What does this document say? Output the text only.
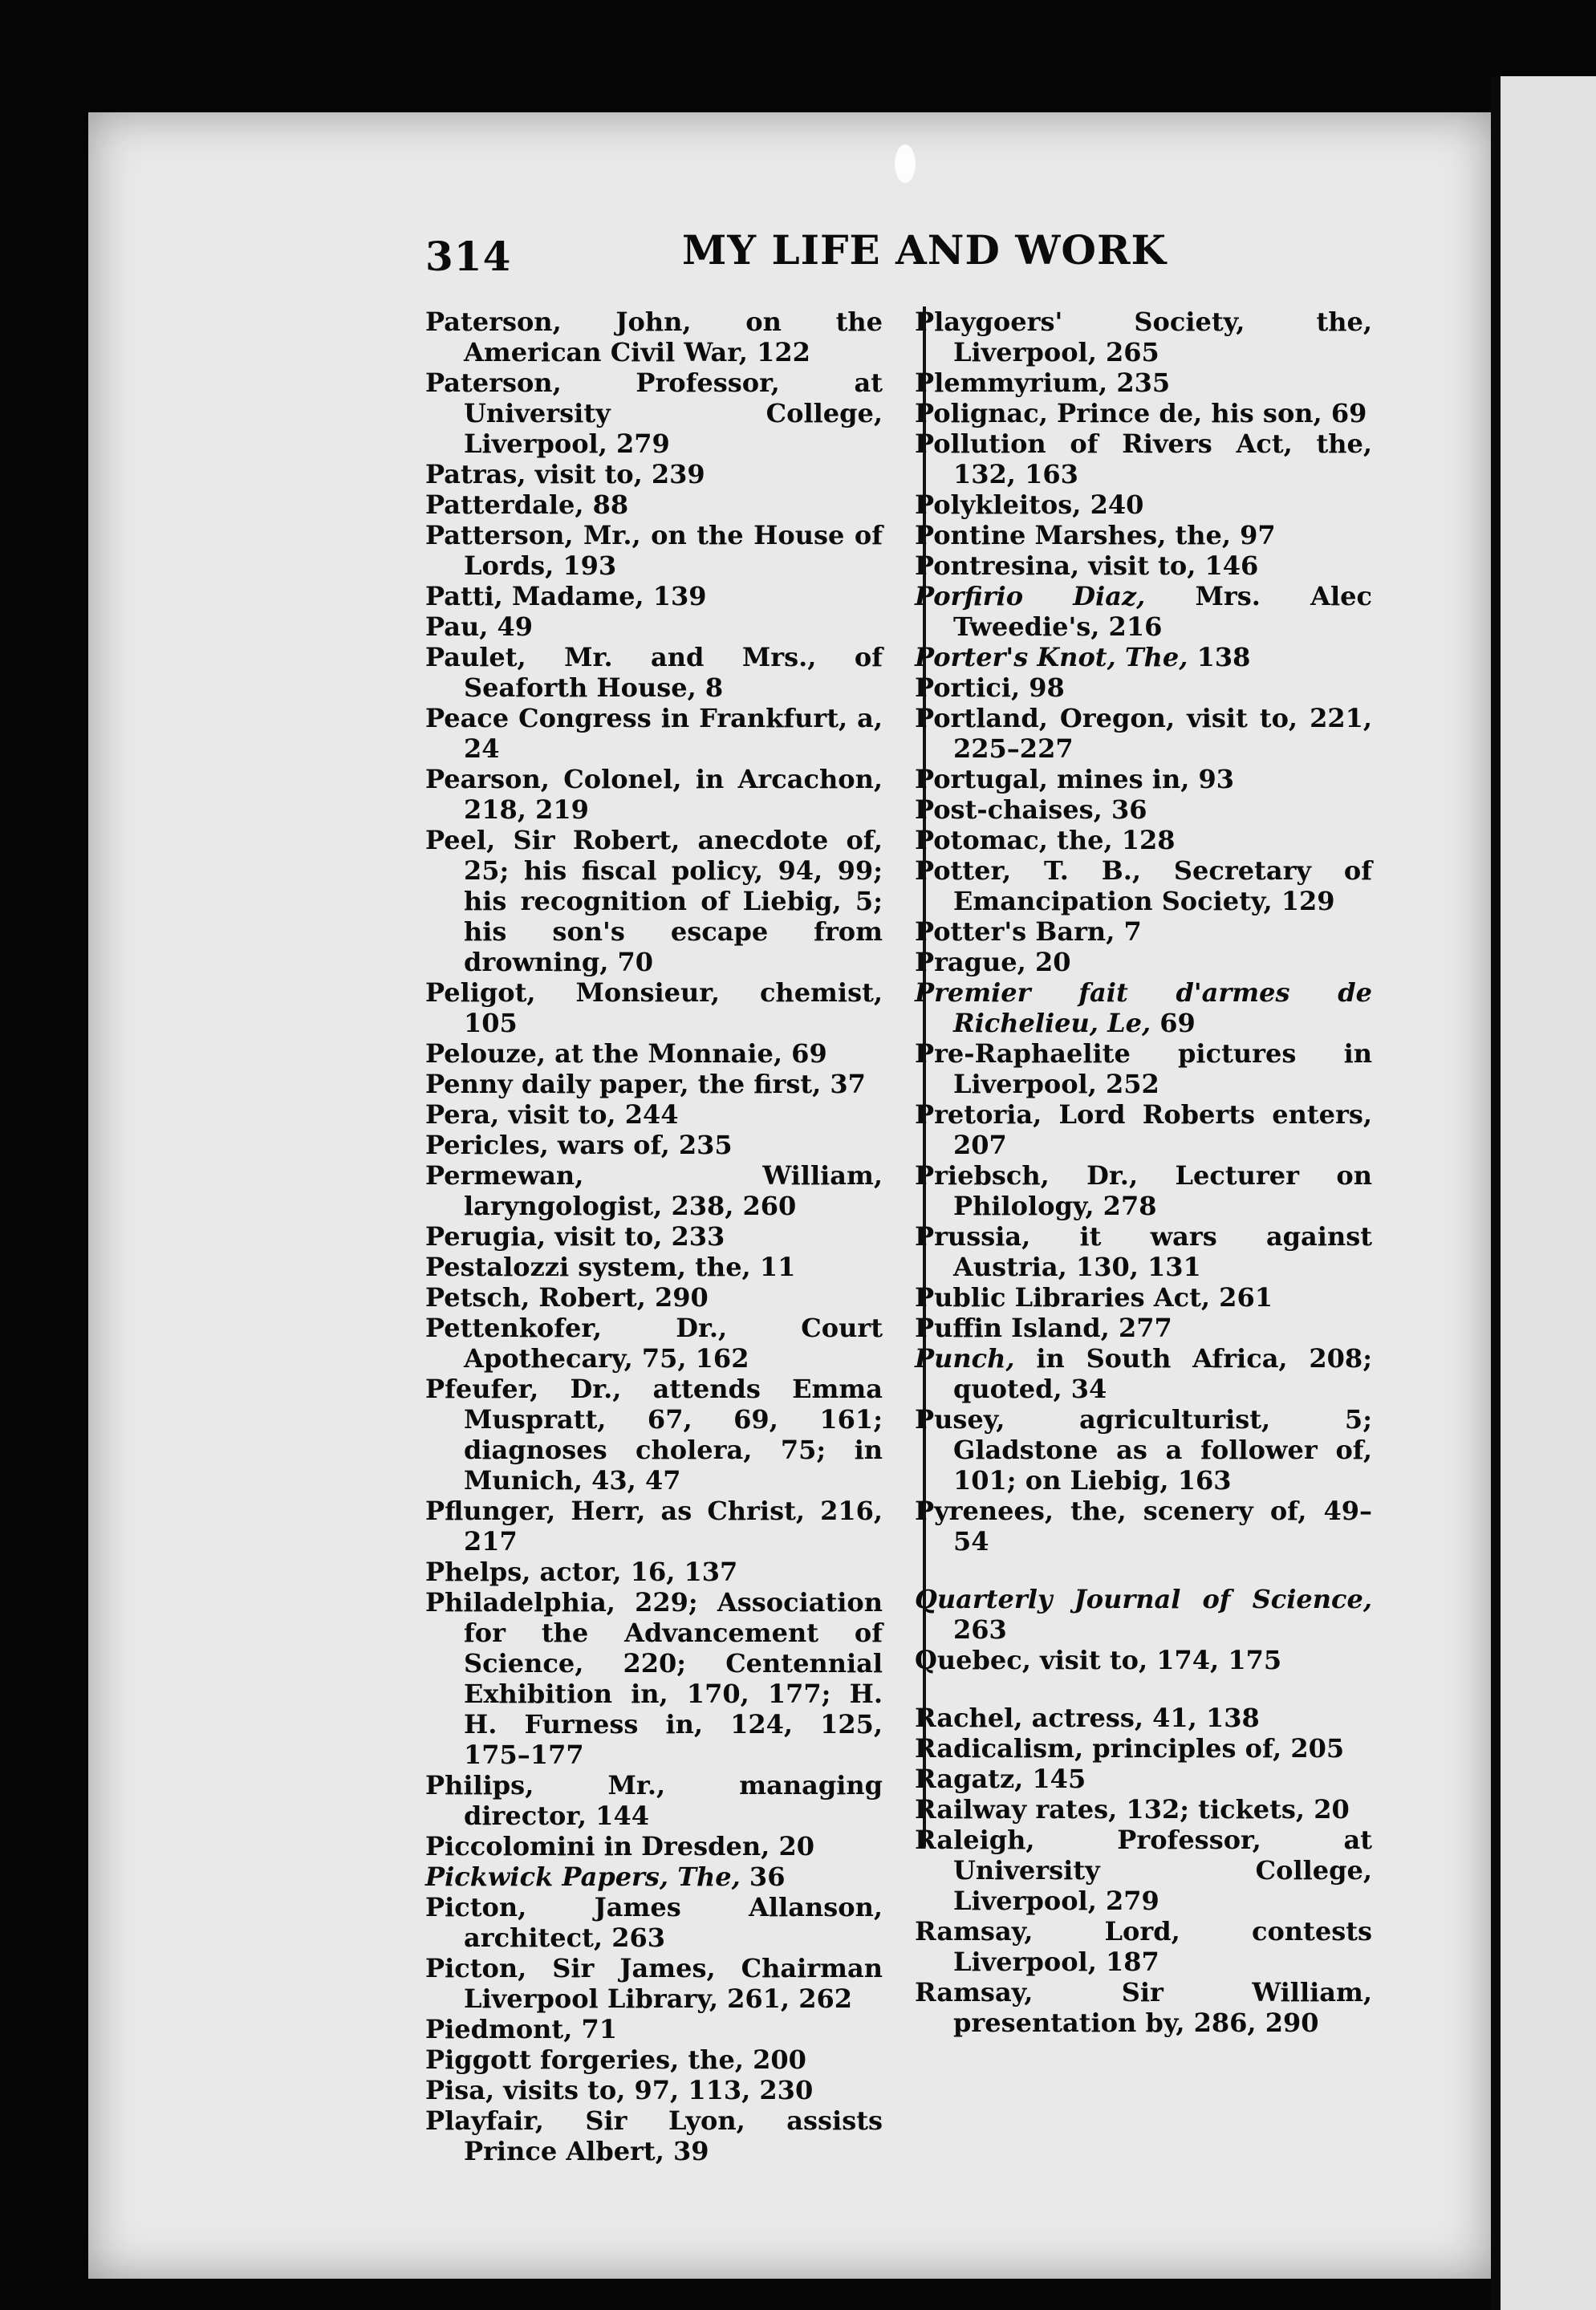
314	MY LIFE AND WORK

Paterson, John, on the American Civil War, 122

Paterson, Professor, at University College, Liverpool, 279

Patras, visit to, 239

Patterdale, 88

Patterson, Mr., on the House of Lords, 193

Patti, Madame, 139

Pau, 49

Paulet, Mr. and Mrs., of Seaforth House, 8

Peace Congress in Frankfurt, a, 24

Pearson, Colonel, in Arcachon, 218, 219

Peel, Sir Robert, anecdote of, 25; his fiscal policy, 94, 99; his recognition of Liebig, 5; his son's escape from drowning, 70

Peligot, Monsieur, chemist, 105

Pelouze, at the Monnaie, 69

Penny daily paper, the first, 37

Pera, visit to, 244

Pericles, wars of, 235

Permewan, William, laryngologist, 238, 260

Perugia, visit to, 233

Pestalozzi system, the, 11

Petsch, Robert, 290

Pettenkofer, Dr., Court Apothecary, 75, 162

Pfeufer, Dr., attends Emma Muspratt, 67, 69, 161; diagnoses cholera, 75; in Munich, 43, 47

Pflunger, Herr, as Christ, 216, 217

Phelps, actor, 16, 137

Philadelphia, 229; Association for the Advancement of Science, 220; Centennial Exhibition in, 170, 177; H. H. Furness in, 124, 125, 175–177

Philips, Mr., managing director, 144

Piccolomini in Dresden, 20

Pickwick Papers, The, 36

Picton, James Allanson, architect, 263

Picton, Sir James, Chairman Liverpool Library, 261, 262

Piedmont, 71

Piggott forgeries, the, 200

Pisa, visits to, 97, 113, 230

Playfair, Sir Lyon, assists Prince Albert, 39

Playgoers' Society, the, Liverpool, 265

Plemmyrium, 235

Polignac, Prince de, his son, 69

Pollution of Rivers Act, the, 132, 163

Polykleitos, 240

Pontine Marshes, the, 97

Pontresina, visit to, 146

Porfirio Diaz, Mrs. Alec Tweedie's, 216

Porter's Knot, The, 138

Portici, 98

Portland, Oregon, visit to, 221, 225–227

Portugal, mines in, 93

Post-chaises, 36

Potomac, the, 128

Potter, T. B., Secretary of Emancipation Society, 129

Potter's Barn, 7

Prague, 20

Premier fait d'armes de Richelieu, Le, 69

Pre-Raphaelite pictures in Liverpool, 252

Pretoria, Lord Roberts enters, 207

Priebsch, Dr., Lecturer on Philology, 278

Prussia, it wars against Austria, 130, 131

Public Libraries Act, 261

Puffin Island, 277

Punch, in South Africa, 208; quoted, 34

Pusey, agriculturist, 5; Gladstone as a follower of, 101; on Liebig, 163

Pyrenees, the, scenery of, 49–54

Quarterly Journal of Science, 263

Quebec, visit to, 174, 175

Rachel, actress, 41, 138

Radicalism, principles of, 205

Ragatz, 145

Railway rates, 132; tickets, 20

Raleigh, Professor, at University College, Liverpool, 279

Ramsay, Lord, contests Liverpool, 187

Ramsay, Sir William, presentation by, 286, 290
